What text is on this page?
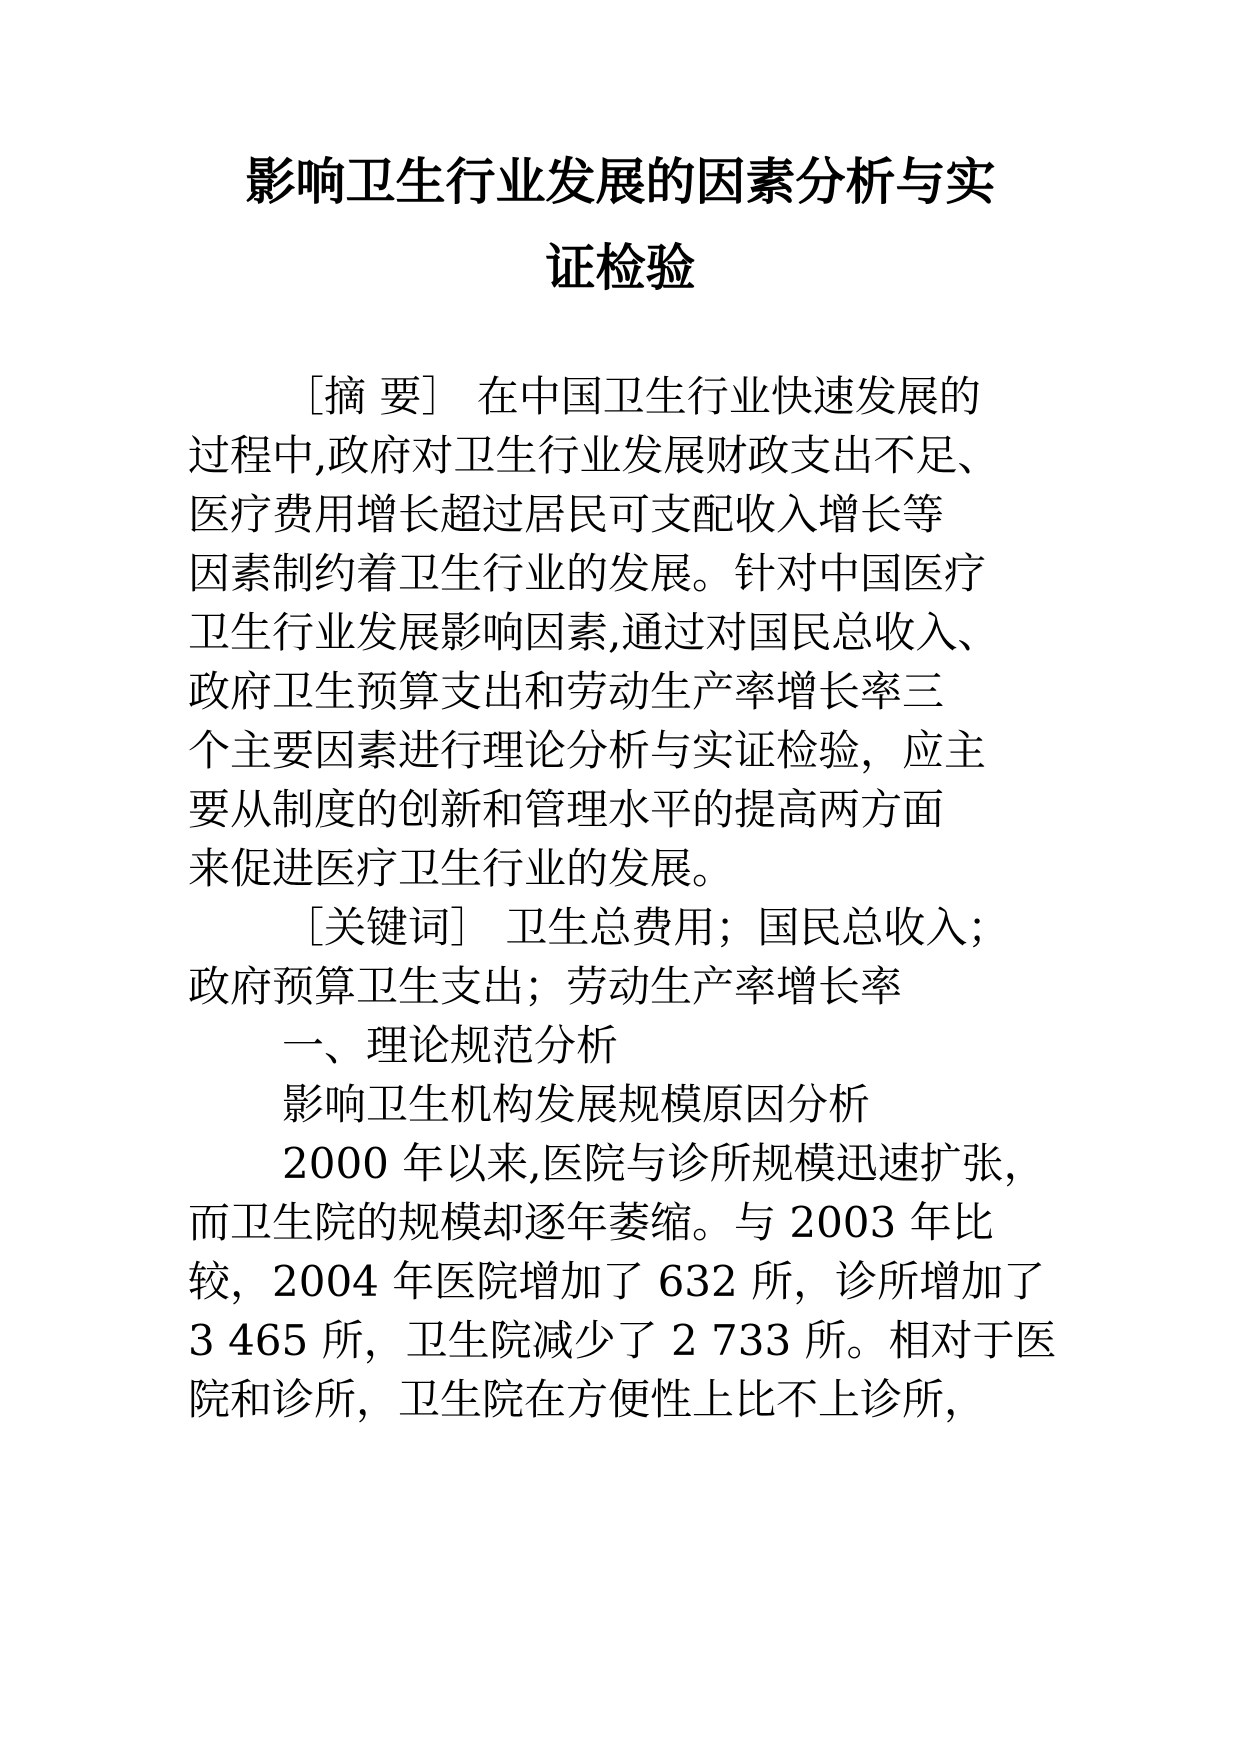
影响卫生行业发展的因素分析与实
证检验
［摘 要］ 在中国卫生行业快速发展的
过程中,政府对卫生行业发展财政支出不足、
医疗费用增长超过居民可支配收入增长等
因素制约着卫生行业的发展。针对中国医疗
卫生行业发展影响因素,通过对国民总收入、
政府卫生预算支出和劳动生产率增长率三
个主要因素进行理论分析与实证检验，应主
要从制度的创新和管理水平的提高两方面
来促进医疗卫生行业的发展。
［关键词］ 卫生总费用；国民总收入；
政府预算卫生支出；劳动生产率增长率
一、理论规范分析
影响卫生机构发展规模原因分析
2000 年以来,医院与诊所规模迅速扩张，
而卫生院的规模却逐年萎缩。与 2003 年比
较，2004 年医院增加了 632 所，诊所增加了
3 465 所，卫生院减少了 2 733 所。相对于医
院和诊所，卫生院在方便性上比不上诊所，
